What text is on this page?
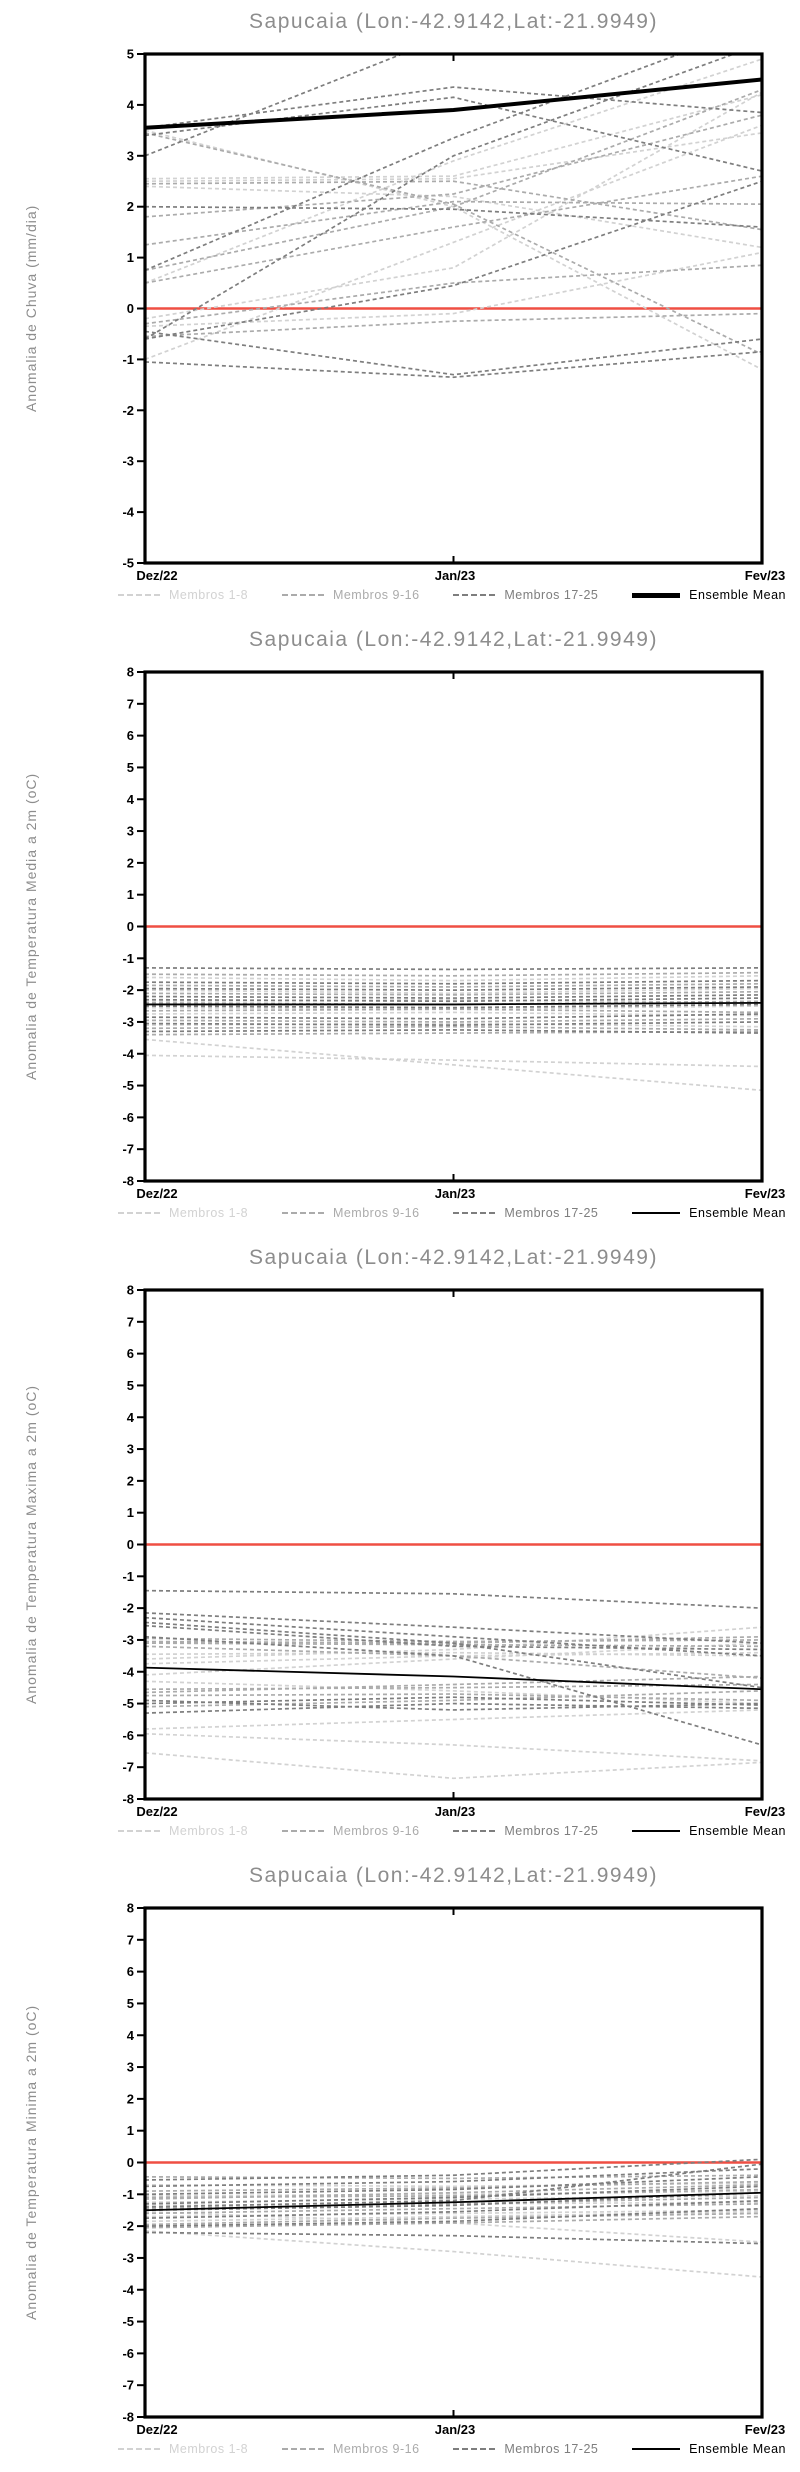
Sapucaia (Lon:-42.9142,Lat:-21.9949)
Anomalia de Chuva (mm/dia)
5
4
3
2
1
0
-1
-2
-3
-4
-5
Dez/22	Jan/23	Fev/23
Membros 1-8	Membros 9-16	Membros 17-25	Ensemble Mean
Sapucaia (Lon:-42.9142,Lat:-21.9949)
Anomalia de Temperatura Media a 2m (oC)
8
7
6
5
4
3
2
1
0
-1
-2
-3
-4
-5
-6
-7
-8
Dez/22	Jan/23	Fev/23
Membros 1-8	Membros 9-16	Membros 17-25	Ensemble Mean
Sapucaia (Lon:-42.9142,Lat:-21.9949)
Anomalia de Temperatura Maxima a 2m (oC)
8
7
6
5
4
3
2
1
0
-1
-2
-3
-4
-5
-6
-7
-8
Dez/22	Jan/23	Fev/23
Membros 1-8	Membros 9-16	Membros 17-25	Ensemble Mean
Sapucaia (Lon:-42.9142,Lat:-21.9949)
Anomalia de Temperatura Minima a 2m (oC)
8
7
6
5
4
3
2
1
0
-1
-2
-3
-4
-5
-6
-7
-8
Dez/22	Jan/23	Fev/23
Membros 1-8	Membros 9-16	Membros 17-25	Ensemble Mean
